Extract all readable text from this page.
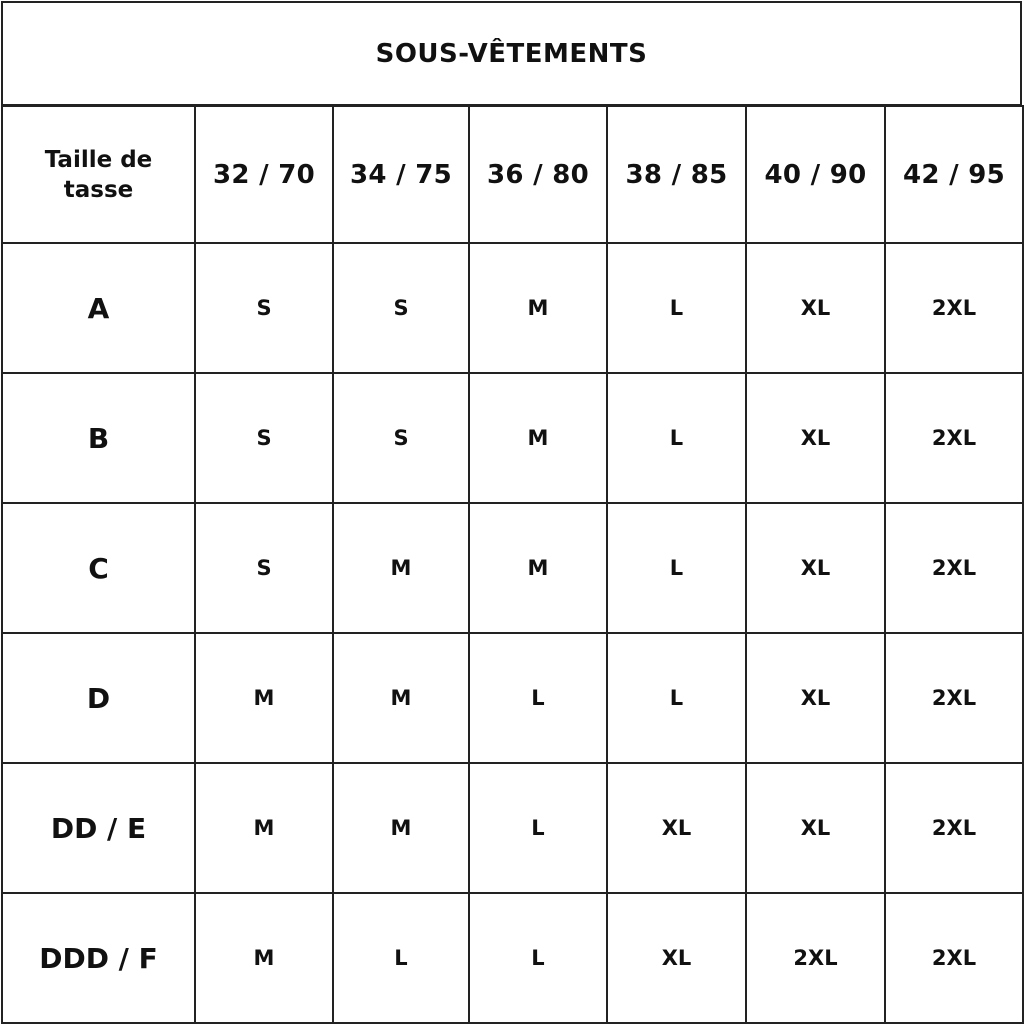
SOUS-VÊTEMENTS
Taille de
tasse	32 / 70	34 / 75	36 / 80	38 / 85	40 / 90	42 / 95
A	S	S	M	L	XL	2XL
B	S	S	M	L	XL	2XL
C	S	M	M	L	XL	2XL
D	M	M	L	L	XL	2XL
DD / E	M	M	L	XL	XL	2XL
DDD / F	M	L	L	XL	2XL	2XL
